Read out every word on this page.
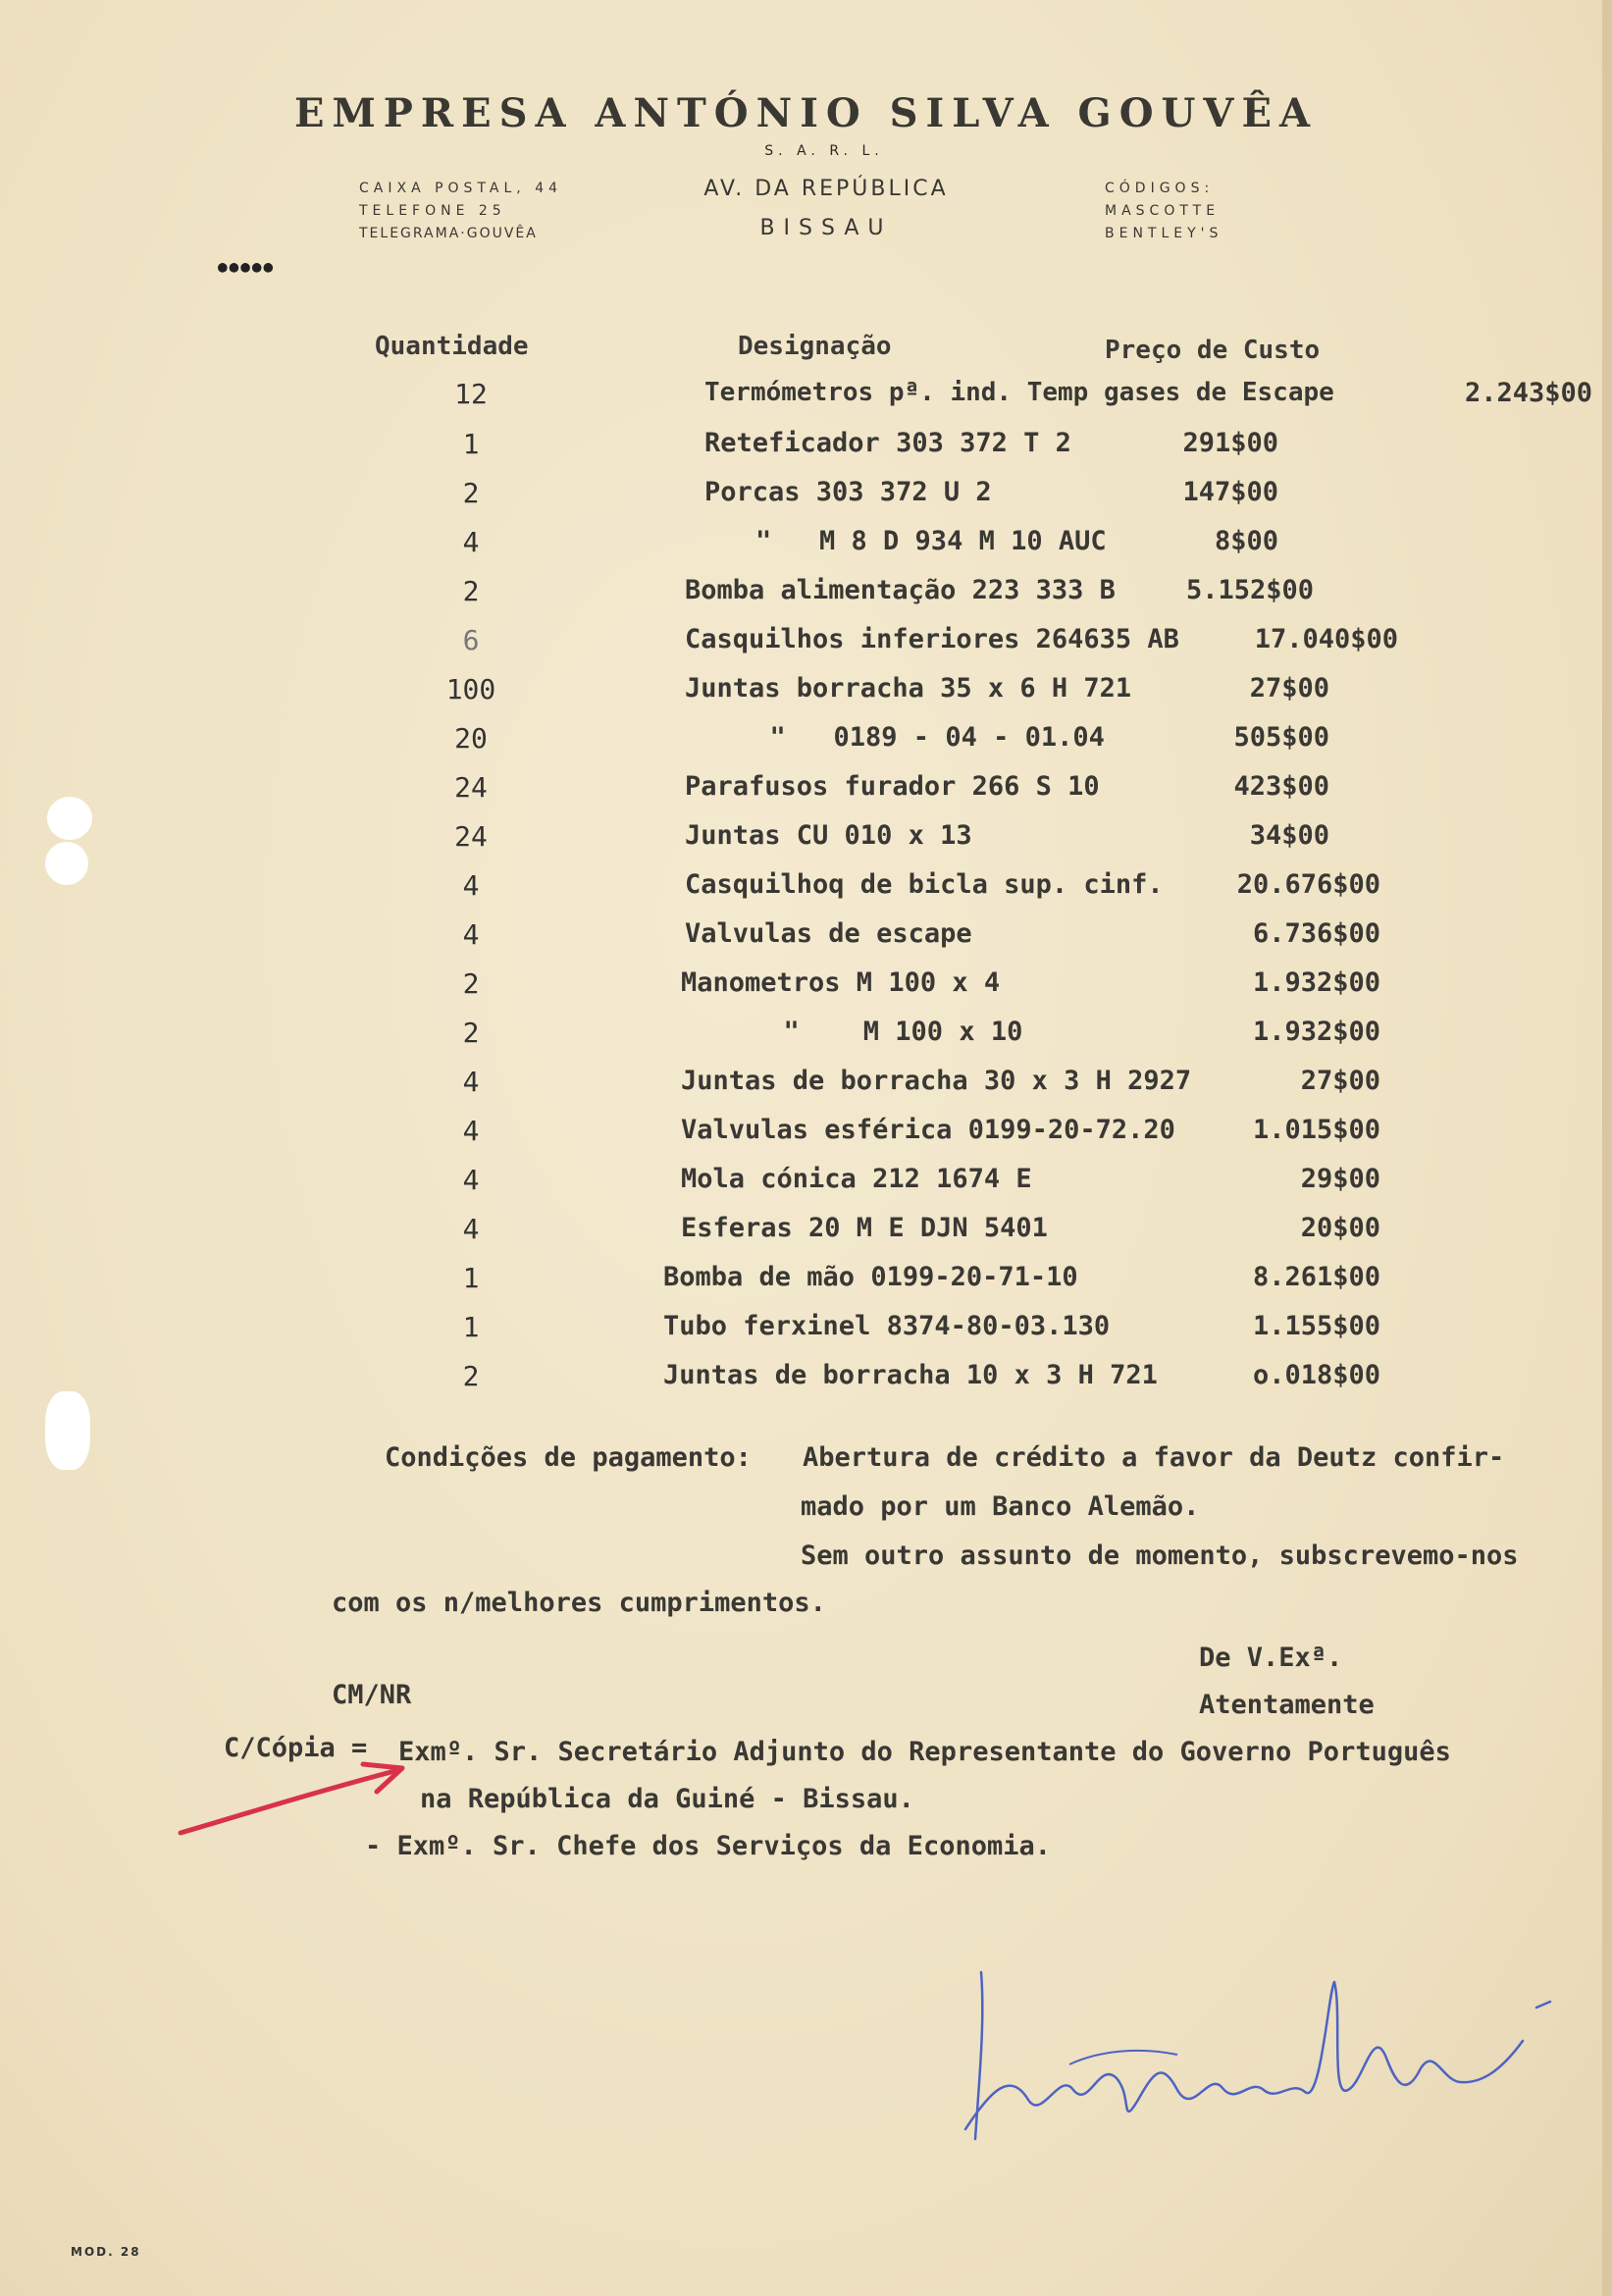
EMPRESA ANTÓNIO SILVA GOUVÊA
S. A. R. L.
CAIXA POSTAL, 44
TELEFONE 25
TELEGRAMA·GOUVÊA
AV. DA REPÚBLICA
BISSAU
CÓDIGOS:
MASCOTTE
BENTLEY'S
●●●●●
Quantidade	Designação	Preço de Custo
12	Termómetros pª. ind. Temp gases de Escape	2.243$00
1	Reteficador 303 372 T 2	291$00
2	Porcas 303 372 U 2	147$00
4	"   M 8 D 934 M 10 AUC	8$00
2	Bomba alimentação 223 333 B	5.152$00
6	Casquilhos inferiores 264635 AB	17.040$00
100	Juntas borracha 35 x 6 H 721	27$00
20	"   0189 - 04 - 01.04	505$00
24	Parafusos furador 266 S 10	423$00
24	Juntas CU 010 x 13	34$00
4	Casquilhoq de bicla sup. cinf.	20.676$00
4	Valvulas de escape	6.736$00
2	Manometros M 100 x 4	1.932$00
2	"    M 100 x 10	1.932$00
4	Juntas de borracha 30 x 3 H 2927	27$00
4	Valvulas esférica 0199-20-72.20	1.015$00
4	Mola cónica 212 1674 E	29$00
4	Esferas 20 M E DJN 5401	20$00
1	Bomba de mão 0199-20-71-10	8.261$00
1	Tubo ferxinel 8374-80-03.130	1.155$00
2	Juntas de borracha 10 x 3 H 721	o.018$00
Condições de pagamento: Abertura de crédito a favor da Deutz confir-
mado por um Banco Alemão.
Sem outro assunto de momento, subscrevemo-nos
com os n/melhores cumprimentos.
De V.Exª.
CM/NR	Atentamente
C/Cópia = Exmº. Sr. Secretário Adjunto do Representante do Governo Português
na República da Guiné - Bissau.
- Exmº. Sr. Chefe dos Serviços da Economia.
MOD. 28
